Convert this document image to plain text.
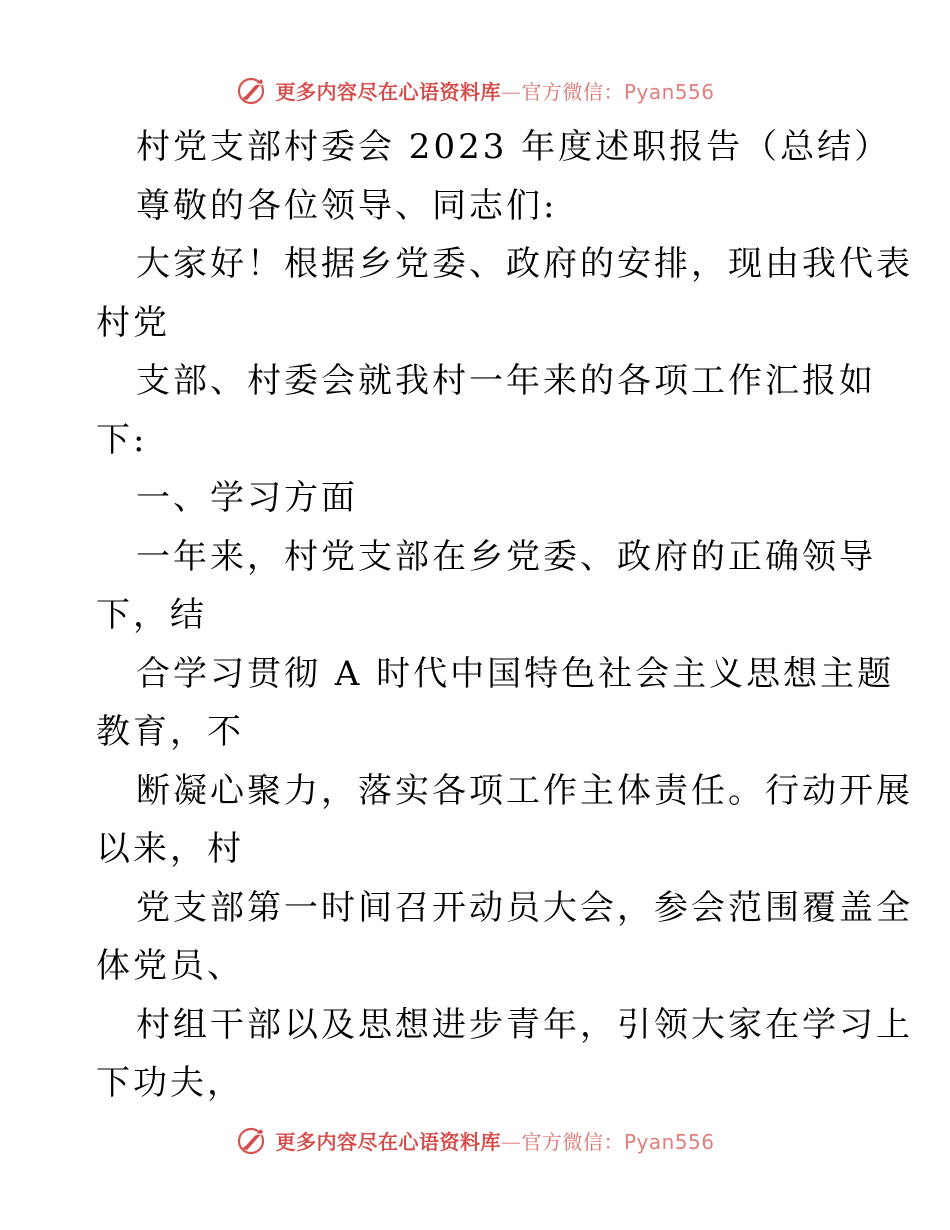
更多内容尽在心语资料库—官方微信：Pyan556
村党支部村委会 2023 年度述职报告（总结）
尊敬的各位领导、同志们:
大家好！根据乡党委、政府的安排，现由我代表
村党
支部、村委会就我村一年来的各项工作汇报如
下:
一、学习方面
一年来，村党支部在乡党委、政府的正确领导
下，结
合学习贯彻 A 时代中国特色社会主义思想主题
教育，不
断凝心聚力，落实各项工作主体责任。行动开展
以来，村
党支部第一时间召开动员大会，参会范围覆盖全
体党员、
村组干部以及思想进步青年，引领大家在学习上
下功夫，
更多内容尽在心语资料库—官方微信：Pyan556
